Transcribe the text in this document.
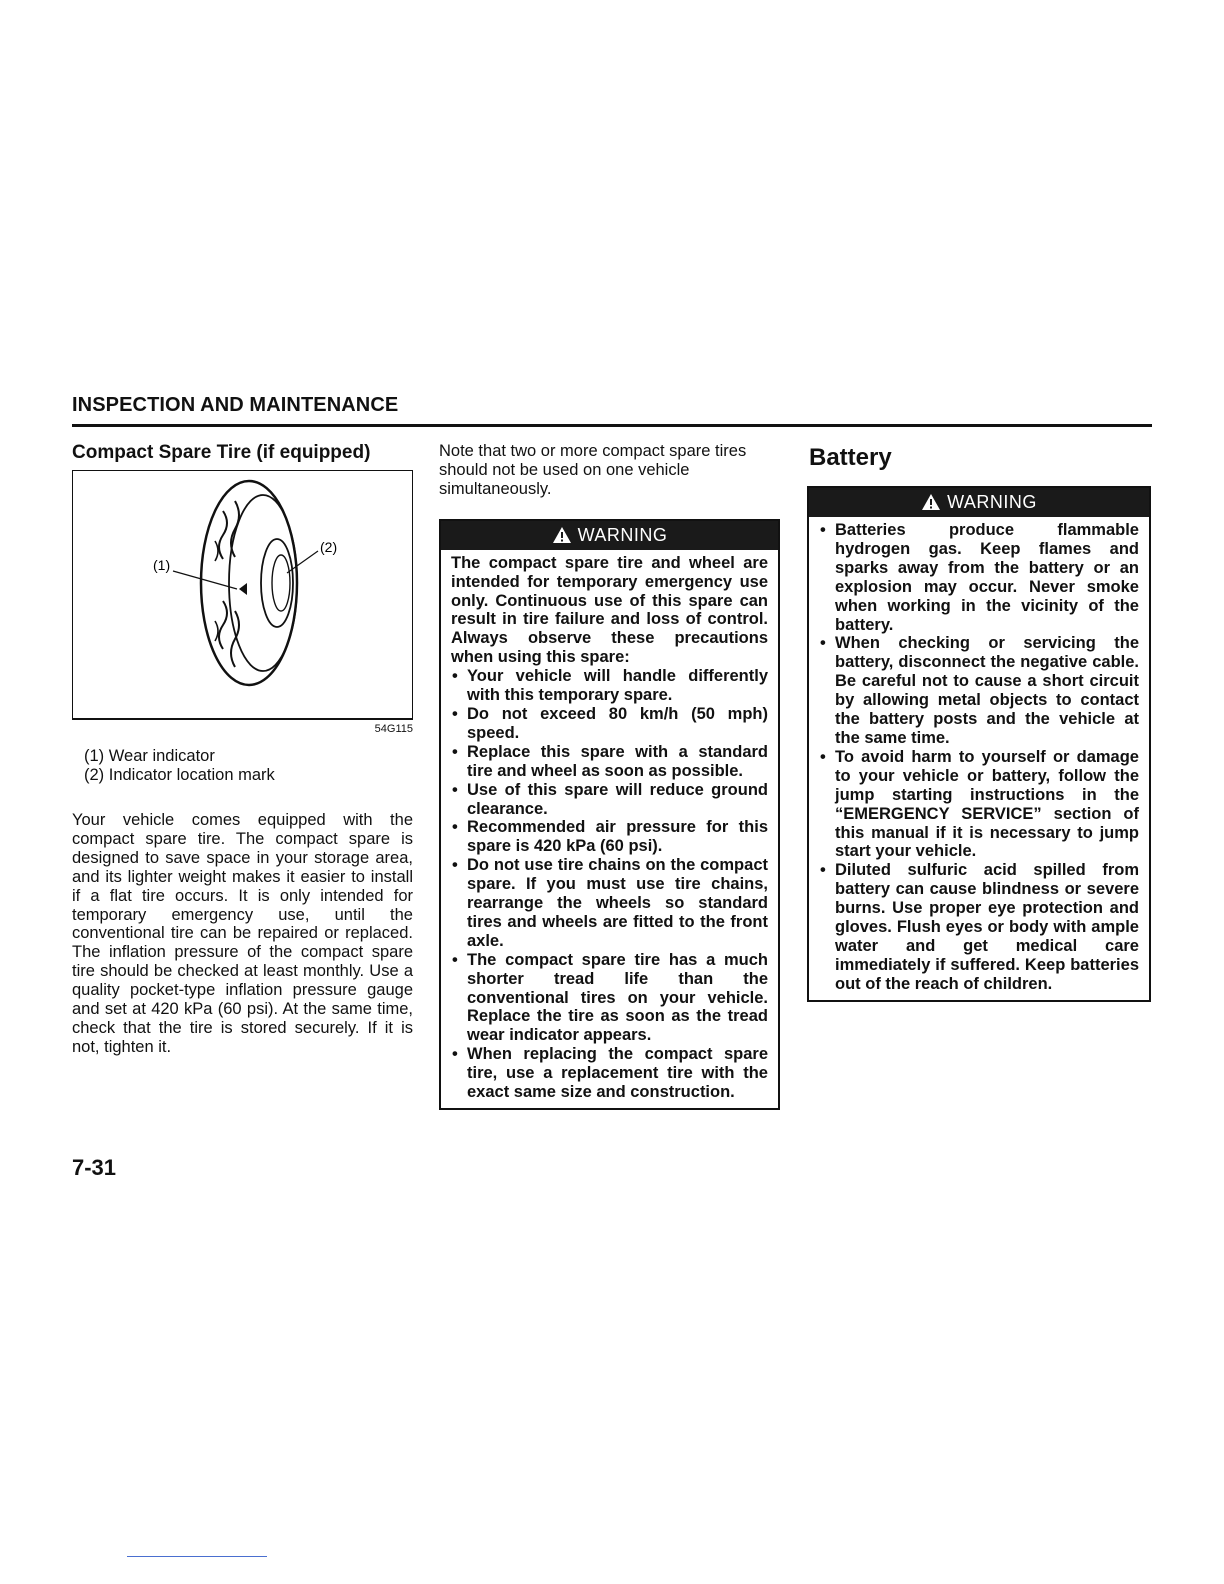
INSPECTION AND MAINTENANCE
Compact Spare Tire (if equipped)
(1)
(2)
54G115
(1) Wear indicator
(2) Indicator location mark
Your vehicle comes equipped with the compact spare tire. The compact spare is designed to save space in your storage area, and its lighter weight makes it easier to install if a flat tire occurs. It is only intended for temporary emergency use, until the conventional tire can be repaired or replaced. The inflation pressure of the compact spare tire should be checked at least monthly. Use a quality pocket-type inflation pressure gauge and set at 420 kPa (60 psi). At the same time, check that the tire is stored securely. If it is not, tighten it.

Note that two or more compact spare tires should not be used on one vehicle simultaneously.

WARNING
The compact spare tire and wheel are intended for temporary emergency use only. Continuous use of this spare can result in tire failure and loss of control. Always observe these precautions when using this spare:
• Your vehicle will handle differently with this temporary spare.
• Do not exceed 80 km/h (50 mph) speed.
• Replace this spare with a standard tire and wheel as soon as possible.
• Use of this spare will reduce ground clearance.
• Recommended air pressure for this spare is 420 kPa (60 psi).
• Do not use tire chains on the compact spare. If you must use tire chains, rearrange the wheels so standard tires and wheels are fitted to the front axle.
• The compact spare tire has a much shorter tread life than the conventional tires on your vehicle. Replace the tire as soon as the tread wear indicator appears.
• When replacing the compact spare tire, use a replacement tire with the exact same size and construction.
Battery
WARNING
• Batteries produce flammable hydrogen gas. Keep flames and sparks away from the battery or an explosion may occur. Never smoke when working in the vicinity of the battery.
• When checking or servicing the battery, disconnect the negative cable. Be careful not to cause a short circuit by allowing metal objects to contact the battery posts and the vehicle at the same time.
• To avoid harm to yourself or damage to your vehicle or battery, follow the jump starting instructions in the “EMERGENCY SERVICE” section of this manual if it is necessary to jump start your vehicle.
• Diluted sulfuric acid spilled from battery can cause blindness or severe burns. Use proper eye protection and gloves. Flush eyes or body with ample water and get medical care immediately if suffered. Keep batteries out of the reach of children.
7-31
